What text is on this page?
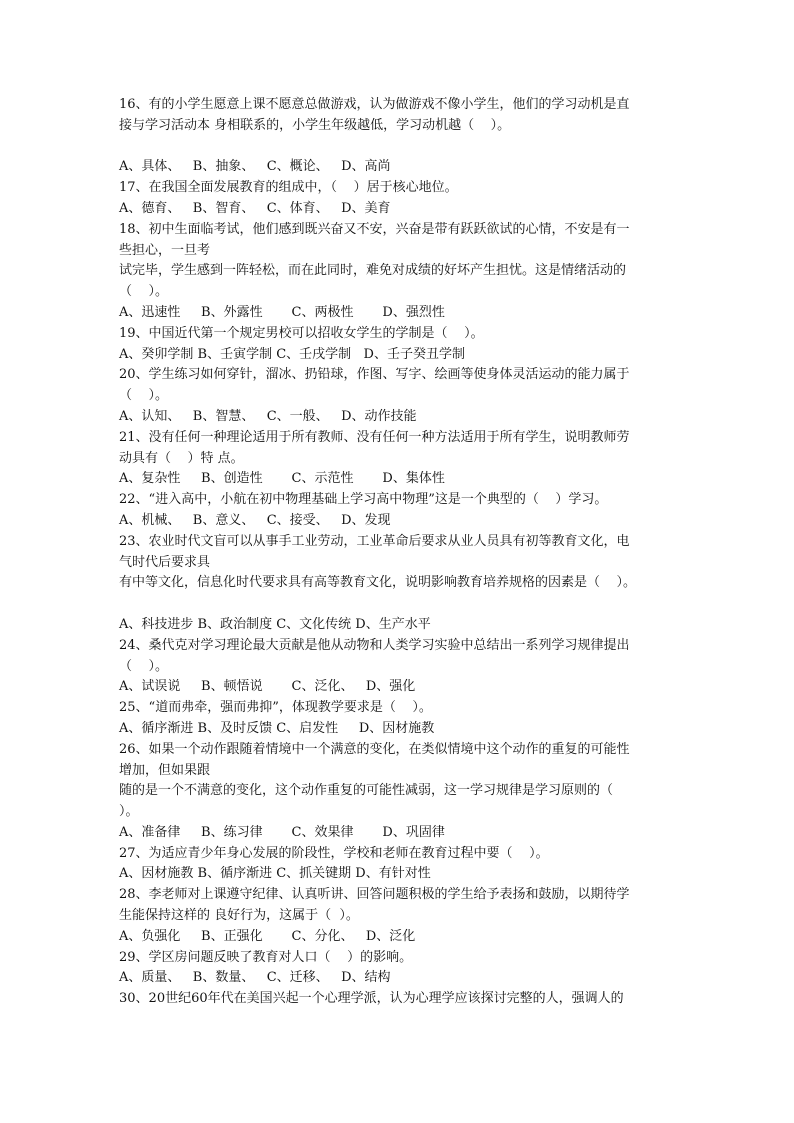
16、有的小学生愿意上课不愿意总做游戏，认为做游戏不像小学生，他们的学习动机是直
接与学习活动本 身相联系的，小学生年级越低，学习动机越（    ）。
A、具体、   B、抽象、   C、概论、   D、高尚
17、在我国全面发展教育的组成中，（    ）居于核心地位。
A、德育、   B、智育、   C、体育、   D、美育
18、初中生面临考试，他们感到既兴奋又不安，兴奋是带有跃跃欲试的心情，不安是有一
些担心，一旦考
试完毕，学生感到一阵轻松，而在此同时，难免对成绩的好坏产生担忧。这是情绪活动的
（    ）。
A、迅速性     B、外露性       C、两极性       D、强烈性
19、中国近代第一个规定男校可以招收女学生的学制是（    ）。
A、癸卯学制 B、壬寅学制 C、壬戌学制   D、壬子癸丑学制
20、学生练习如何穿针，溜冰、扔铅球，作图、写字、绘画等使身体灵活运动的能力属于
（    ）。
A、认知、   B、智慧、   C、一般、   D、动作技能
21、没有任何一种理论适用于所有教师、没有任何一种方法适用于所有学生，说明教师劳
动具有（    ）特 点。
A、复杂性     B、创造性       C、示范性       D、集体性
22、“进入高中，小航在初中物理基础上学习高中物理”这是一个典型的（    ）学习。
A、机械、   B、意义、   C、接受、   D、发现
23、农业时代文盲可以从事手工业劳动，工业革命后要求从业人员具有初等教育文化，电
气时代后要求具
有中等文化，信息化时代要求具有高等教育文化，说明影响教育培养规格的因素是（    ）。
A、科技进步 B、政治制度 C、文化传统 D、生产水平
24、桑代克对学习理论最大贡献是他从动物和人类学习实验中总结出一系列学习规律提出
（    ）。
A、试误说     B、顿悟说       C、泛化、   D、强化
25、“道而弗牵，强而弗抑”，体现教学要求是（    ）。
A、循序渐进 B、及时反馈 C、启发性     D、因材施教
26、如果一个动作跟随着情境中一个满意的变化，在类似情境中这个动作的重复的可能性
增加，但如果跟
随的是一个不满意的变化，这个动作重复的可能性减弱，这一学习规律是学习原则的（
）。
A、准备律     B、练习律       C、效果律       D、巩固律
27、为适应青少年身心发展的阶段性，学校和老师在教育过程中要（    ）。
A、因材施教 B、循序渐进 C、抓关键期 D、有针对性
28、李老师对上课遵守纪律、认真听讲、回答问题积极的学生给予表扬和鼓励，以期待学
生能保持这样的 良好行为，这属于（  ）。
A、负强化     B、正强化       C、分化、   D、泛化
29、学区房问题反映了教育对人口（    ）的影响。
A、质量、   B、数量、   C、迁移、   D、结构
30、20世纪60年代在美国兴起一个心理学派，认为心理学应该探讨完整的人，强调人的
